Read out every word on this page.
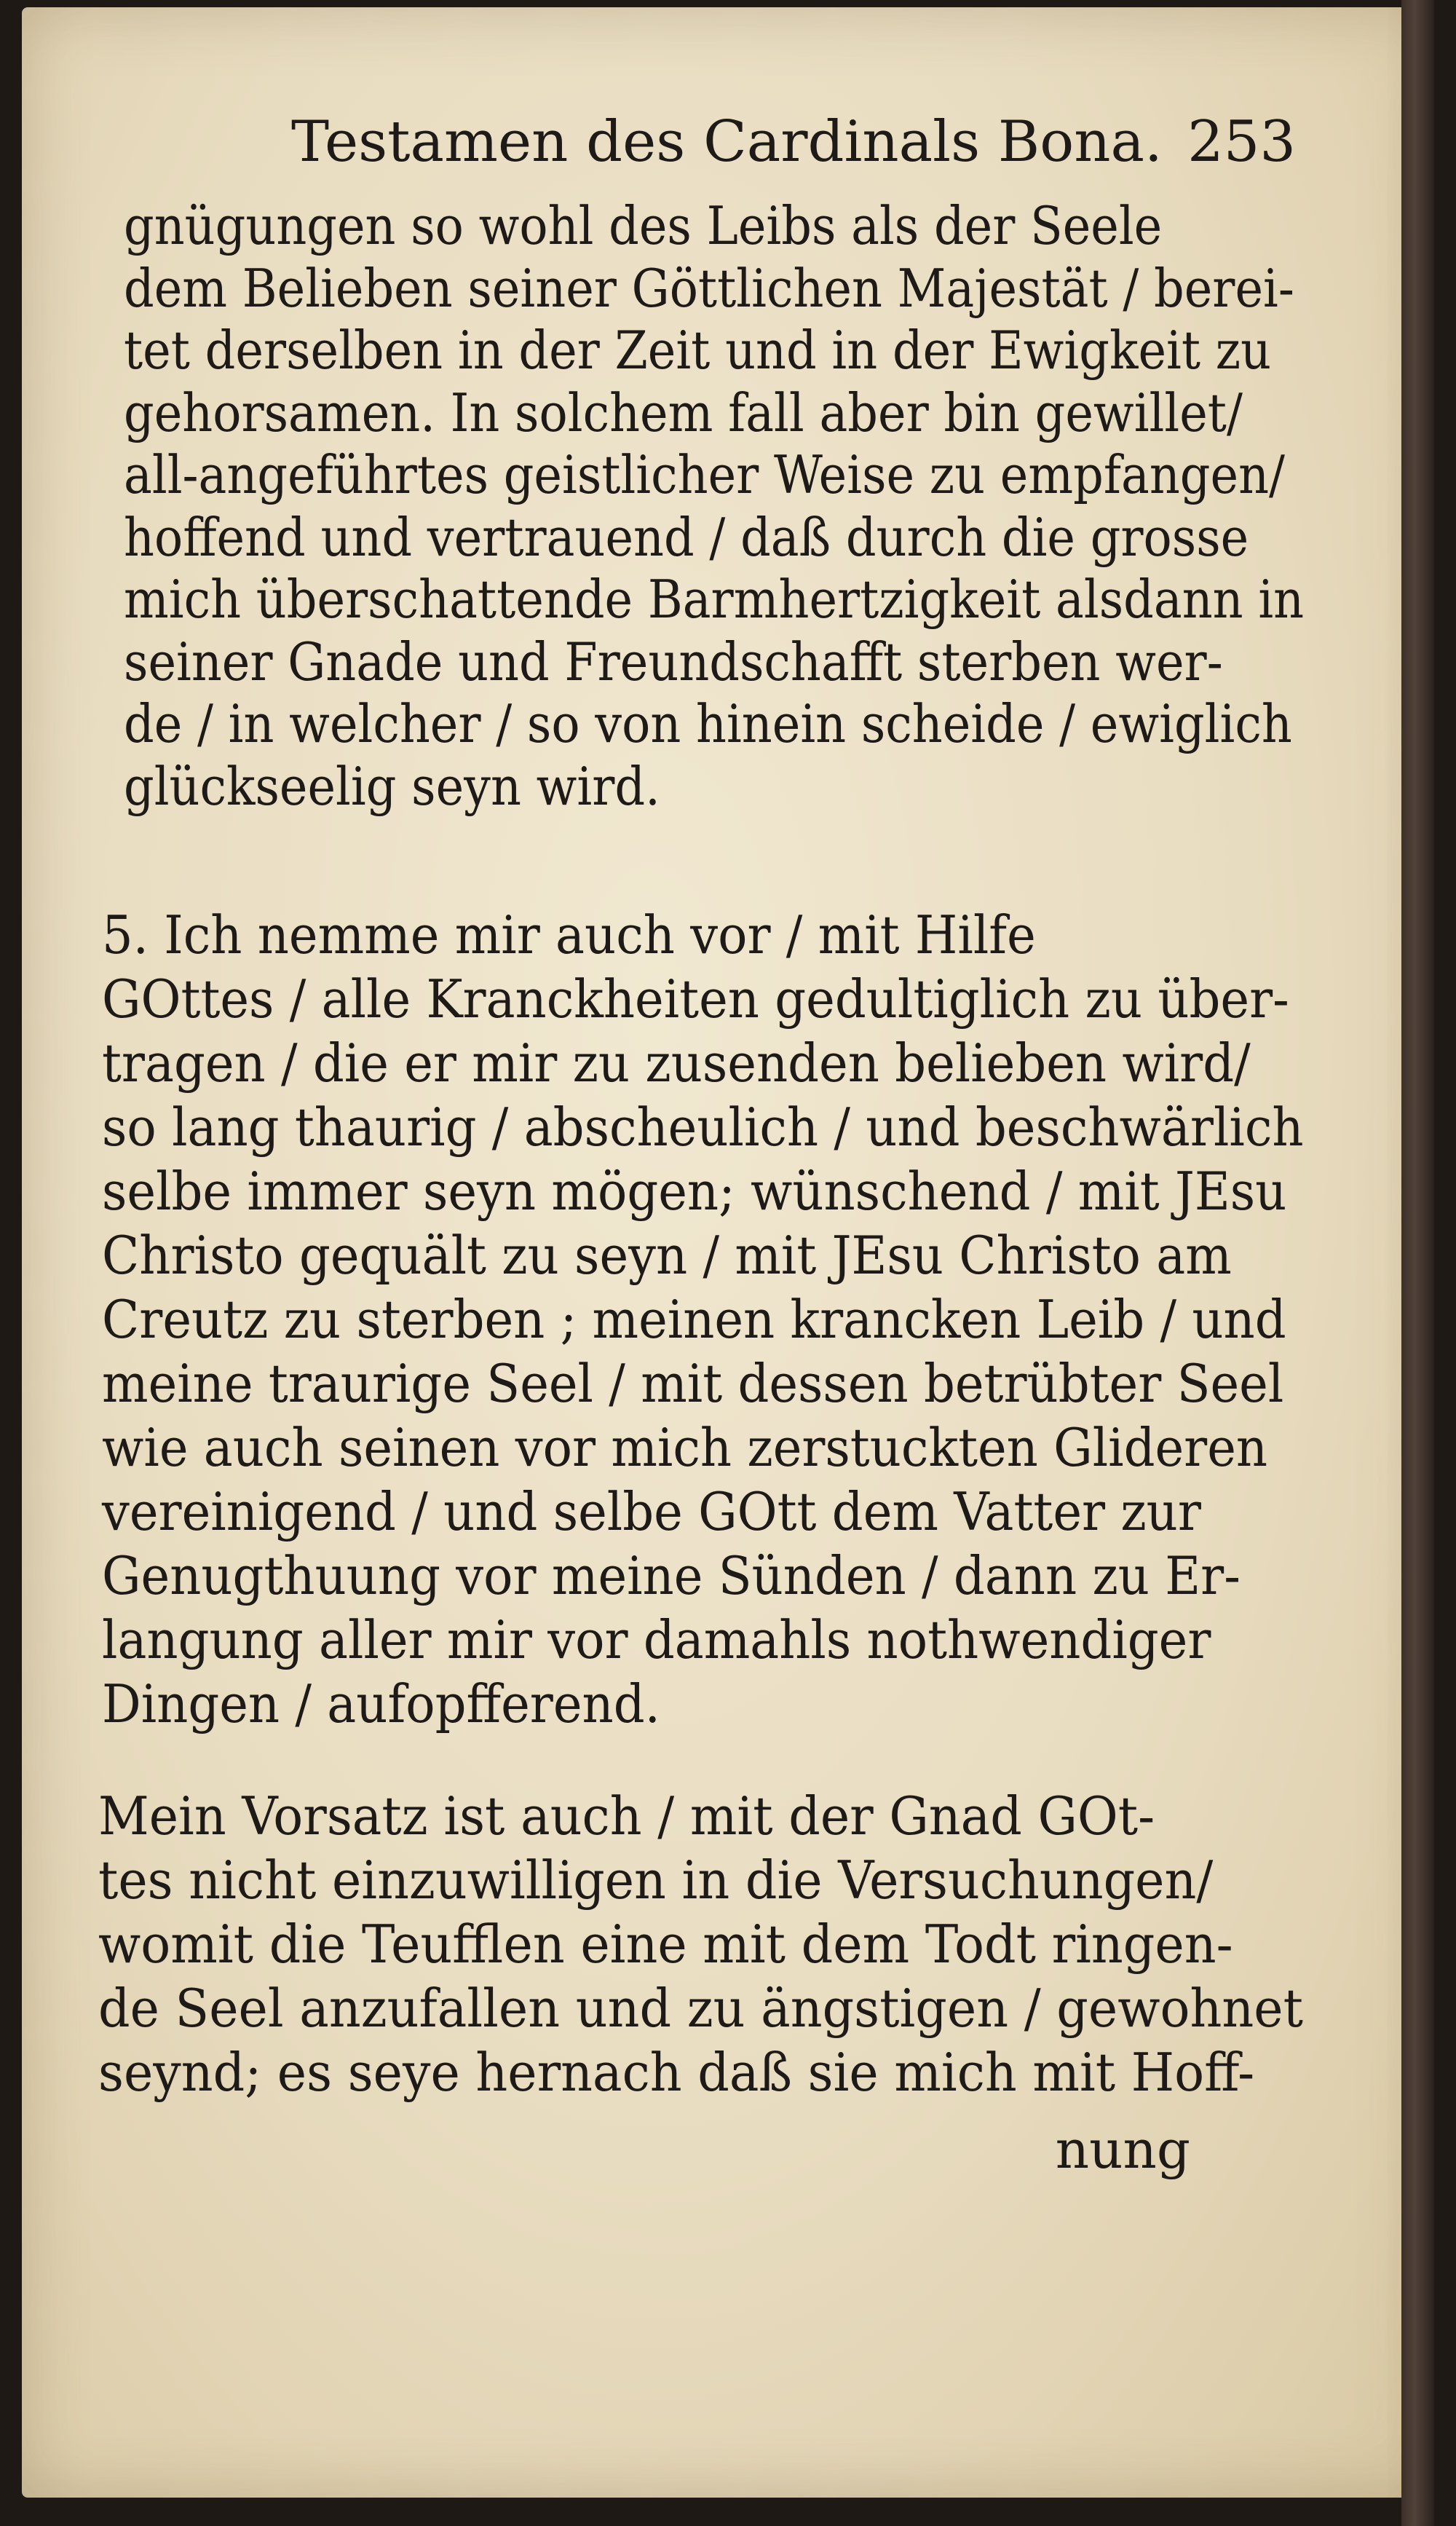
Testamen des Cardinals Bona. 253
gnügungen so wohl des Leibs als der Seele
dem Belieben seiner Göttlichen Majestät / berei-
tet derselben in der Zeit und in der Ewigkeit zu
gehorsamen. In solchem fall aber bin gewillet/
all-angeführtes geistlicher Weise zu empfangen/
hoffend und vertrauend / daß durch die grosse
mich überschattende Barmhertzigkeit alsdann in
seiner Gnade und Freundschafft sterben wer-
de / in welcher / so von hinein scheide / ewiglich
glückseelig seyn wird.
5. Ich nemme mir auch vor / mit Hilfe
GOttes / alle Kranckheiten gedultiglich zu über-
tragen / die er mir zu zusenden belieben wird/
so lang thaurig / abscheulich / und beschwärlich
selbe immer seyn mögen; wünschend / mit JEsu
Christo gequält zu seyn / mit JEsu Christo am
Creutz zu sterben ; meinen krancken Leib / und
meine traurige Seel / mit dessen betrübter Seel
wie auch seinen vor mich zerstuckten Glideren
vereinigend / und selbe GOtt dem Vatter zur
Genugthuung vor meine Sünden / dann zu Er-
langung aller mir vor damahls nothwendiger
Dingen / aufopfferend.
Mein Vorsatz ist auch / mit der Gnad GOt-
tes nicht einzuwilligen in die Versuchungen/
womit die Teufflen eine mit dem Todt ringen-
de Seel anzufallen und zu ängstigen / gewohnet
seynd; es seye hernach daß sie mich mit Hoff-
nung
